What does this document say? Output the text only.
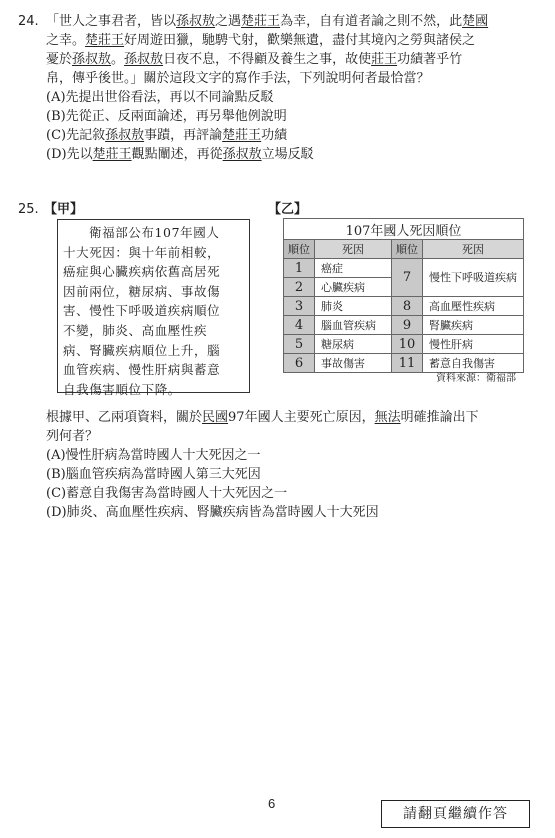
24. 「世人之事君者，皆以孫叔敖之遇楚莊王為幸，自有道者論之則不然，此楚國
之幸。楚莊王好周遊田獵，馳騁弋射，歡樂無遺，盡付其境內之勞與諸侯之
憂於孫叔敖。孫叔敖日夜不息，不得顧及養生之事，故使莊王功績著乎竹
帛，傳乎後世。」關於這段文字的寫作手法，下列說明何者最恰當？
(A)先提出世俗看法，再以不同論點反駁
(B)先從正、反兩面論述，再另舉他例說明
(C)先記敘孫叔敖事蹟，再評論楚莊王功績
(D)先以楚莊王觀點闡述，再從孫叔敖立場反駁
25. 【甲】	【乙】
衛福部公布107年國人
十大死因：與十年前相較，
癌症與心臟疾病依舊高居死
因前兩位，糖尿病、事故傷
害、慢性下呼吸道疾病順位
不變，肺炎、高血壓性疾
病、腎臟疾病順位上升，腦
血管疾病、慢性肝病與蓄意
自我傷害順位下降。
107年國人死因順位			
順位	死因	順位	死因
1	癌症	7	慢性下呼吸道疾病
2	心臟疾病		
3	肺炎	8	高血壓性疾病
4	腦血管疾病	9	腎臟疾病
5	糖尿病	10	慢性肝病
6	事故傷害	11	蓄意自我傷害
資料來源：衛福部
根據甲、乙兩項資料，關於民國97年國人主要死亡原因，無法明確推論出下
列何者？
(A)慢性肝病為當時國人十大死因之一
(B)腦血管疾病為當時國人第三大死因
(C)蓄意自我傷害為當時國人十大死因之一
(D)肺炎、高血壓性疾病、腎臟疾病皆為當時國人十大死因
6
請翻頁繼續作答
